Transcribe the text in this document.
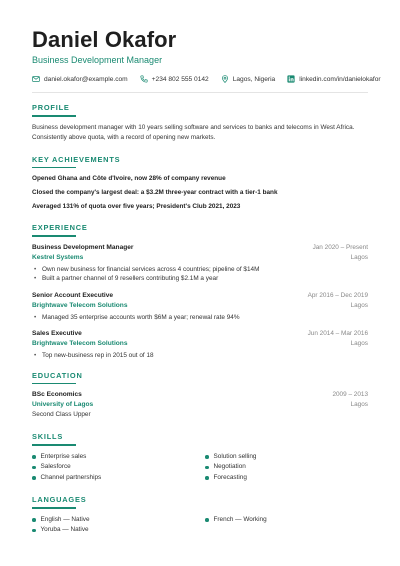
Daniel Okafor
Business Development Manager
daniel.okafor@example.com	+234 802 555 0142	Lagos, Nigeria	linkedin.com/in/danielokafor
PROFILE
Business development manager with 10 years selling software and services to banks and telecoms in West Africa. Consistently above quota, with a record of opening new markets.
KEY ACHIEVEMENTS
Opened Ghana and Côte d'Ivoire, now 28% of company revenue
Closed the company's largest deal: a $3.2M three-year contract with a tier-1 bank
Averaged 131% of quota over five years; President's Club 2021, 2023
EXPERIENCE
Business Development Manager	Jan 2020 – Present
Kestrel Systems	Lagos
• Own new business for financial services across 4 countries; pipeline of $14M
• Built a partner channel of 9 resellers contributing $2.1M a year
Senior Account Executive	Apr 2016 – Dec 2019
Brightwave Telecom Solutions	Lagos
• Managed 35 enterprise accounts worth $6M a year; renewal rate 94%
Sales Executive	Jun 2014 – Mar 2016
Brightwave Telecom Solutions	Lagos
• Top new-business rep in 2015 out of 18
EDUCATION
BSc Economics	2009 – 2013
University of Lagos	Lagos
Second Class Upper
SKILLS
Enterprise sales	Solution selling
Salesforce	Negotiation
Channel partnerships	Forecasting
LANGUAGES
English — Native	French — Working
Yoruba — Native
